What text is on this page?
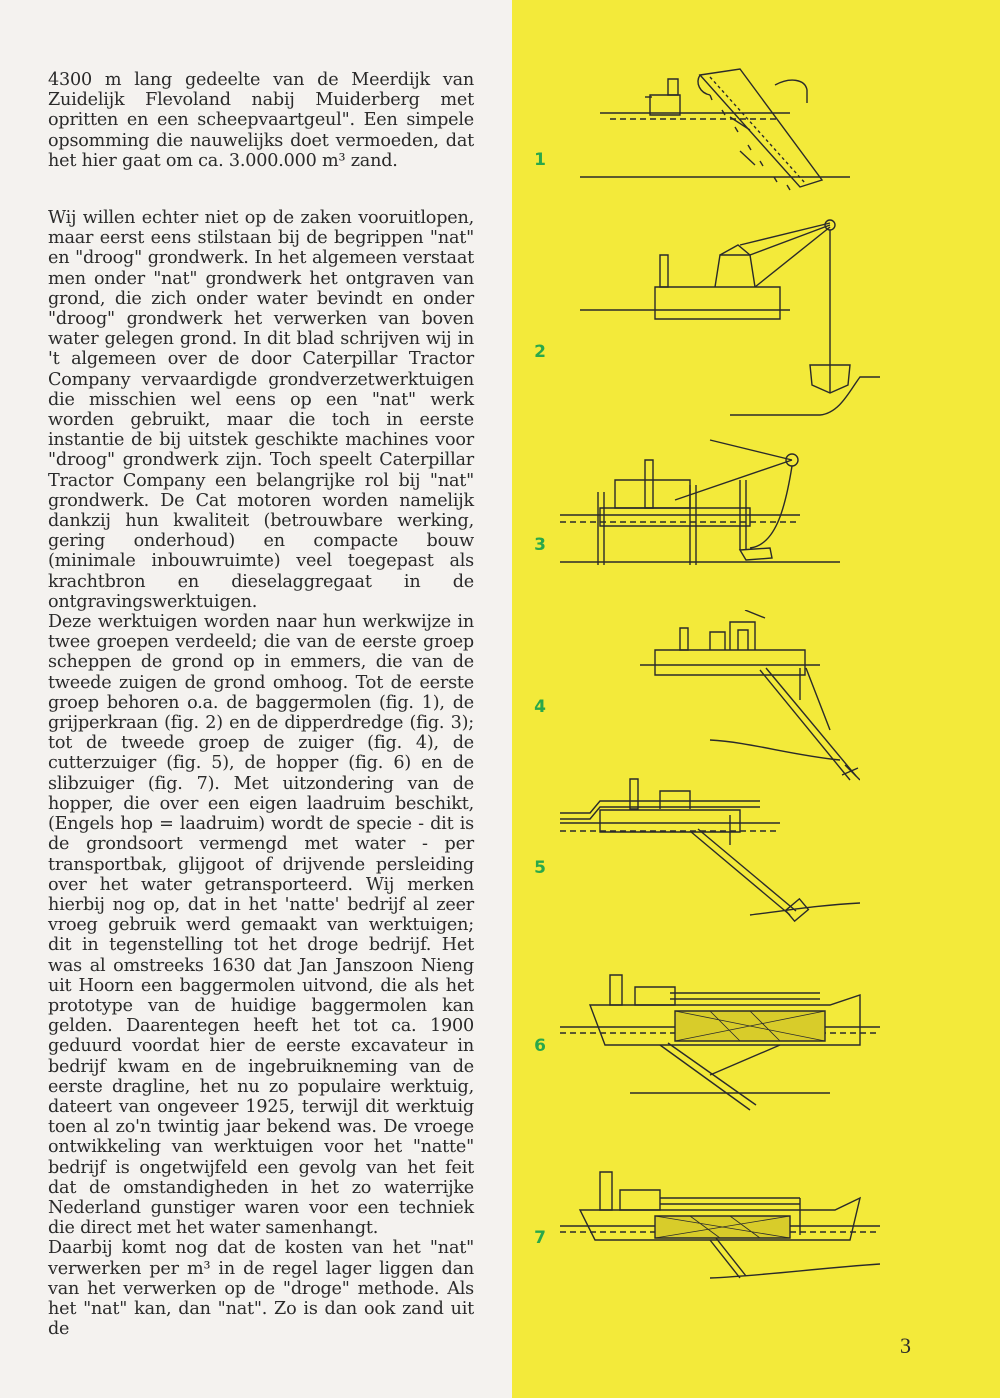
4300 m lang gedeelte van de Meerdijk van Zuidelijk Flevoland nabij Muiderberg met opritten en een scheepvaartgeul". Een simpele opsomming die nauwelijks doet vermoeden, dat het hier gaat om ca. 3.000.000 m³ zand.

Wij willen echter niet op de zaken vooruitlopen, maar eerst eens stilstaan bij de begrippen "nat" en "droog" grondwerk. In het algemeen verstaat men onder "nat" grondwerk het ontgraven van grond, die zich onder water bevindt en onder "droog" grondwerk het verwerken van boven water gelegen grond. In dit blad schrijven wij in 't algemeen over de door Caterpillar Tractor Company vervaardigde grondverzetwerktuigen die misschien wel eens op een "nat" werk worden gebruikt, maar die toch in eerste instantie de bij uitstek geschikte machines voor "droog" grondwerk zijn. Toch speelt Caterpillar Tractor Company een belangrijke rol bij "nat" grondwerk. De Cat motoren worden namelijk dankzij hun kwaliteit (betrouwbare werking, gering onderhoud) en compacte bouw (minimale inbouwruimte) veel toegepast als krachtbron en dieselaggregaat in de ontgravingswerktuigen.

Deze werktuigen worden naar hun werkwijze in twee groepen verdeeld; die van de eerste groep scheppen de grond op in emmers, die van de tweede zuigen de grond omhoog. Tot de eerste groep behoren o.a. de baggermolen (fig. 1), de grijperkraan (fig. 2) en de dipperdredge (fig. 3); tot de tweede groep de zuiger (fig. 4), de cutterzuiger (fig. 5), de hopper (fig. 6) en de slibzuiger (fig. 7). Met uitzondering van de hopper, die over een eigen laadruim beschikt, (Engels hop = laadruim) wordt de specie - dit is de grondsoort vermengd met water - per transportbak, glijgoot of drijvende persleiding over het water getransporteerd. Wij merken hierbij nog op, dat in het 'natte' bedrijf al zeer vroeg gebruik werd gemaakt van werktuigen; dit in tegenstelling tot het droge bedrijf. Het was al omstreeks 1630 dat Jan Janszoon Nieng uit Hoorn een baggermolen uitvond, die als het prototype van de huidige baggermolen kan gelden. Daarentegen heeft het tot ca. 1900 geduurd voordat hier de eerste excavateur in bedrijf kwam en de ingebruikneming van de eerste dragline, het nu zo populaire werktuig, dateert van ongeveer 1925, terwijl dit werktuig toen al zo'n twintig jaar bekend was. De vroege ontwikkeling van werktuigen voor het "natte" bedrijf is ongetwijfeld een gevolg van het feit dat de omstandigheden in het zo waterrijke Nederland gunstiger waren voor een techniek die direct met het water samenhangt.

Daarbij komt nog dat de kosten van het "nat" verwerken per m³ in de regel lager liggen dan van het verwerken op de "droge" methode. Als het "nat" kan, dan "nat". Zo is dan ook zand uit de

1
2
3
4
5
6
7
3
